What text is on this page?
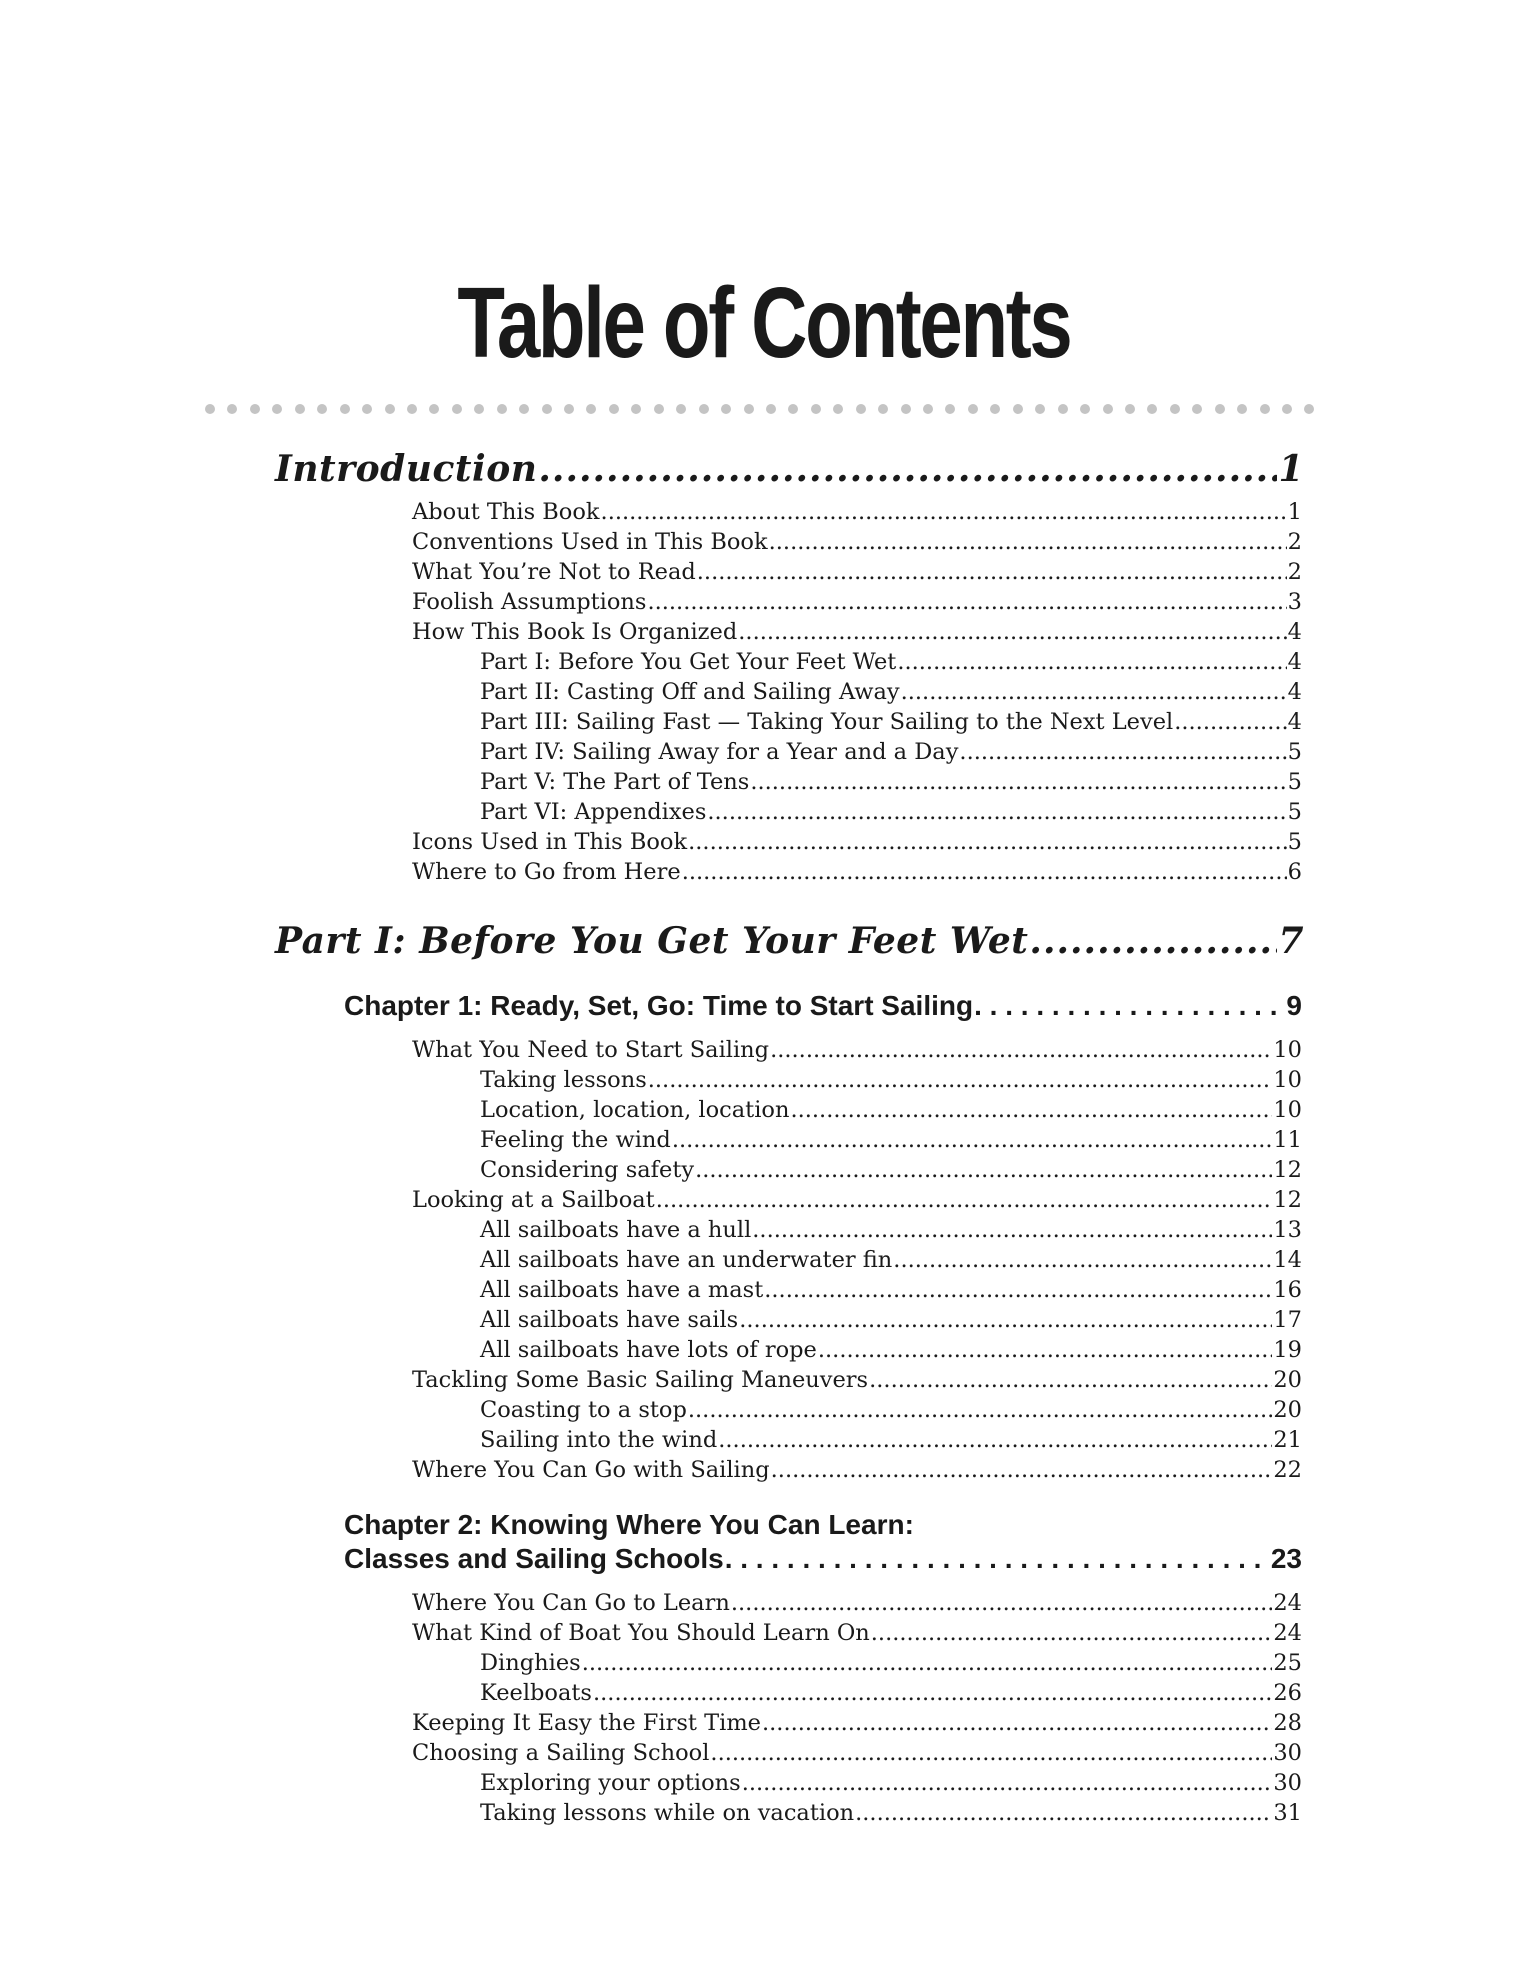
Table of Contents
Introduction .....	1
About This Book .....	1
Conventions Used in This Book .....	2
What You’re Not to Read .....	2
Foolish Assumptions .....	3
How This Book Is Organized .....	4
Part I: Before You Get Your Feet Wet .....	4
Part II: Casting Off and Sailing Away .....	4
Part III: Sailing Fast — Taking Your Sailing to the Next Level .....	4
Part IV: Sailing Away for a Year and a Day .....	5
Part V: The Part of Tens .....	5
Part VI: Appendixes .....	5
Icons Used in This Book .....	5
Where to Go from Here .....	6
Part I: Before You Get Your Feet Wet .....	7
Chapter 1: Ready, Set, Go: Time to Start Sailing . . .	9
What You Need to Start Sailing .....	10
Taking lessons .....	10
Location, location, location .....	10
Feeling the wind .....	11
Considering safety .....	12
Looking at a Sailboat .....	12
All sailboats have a hull .....	13
All sailboats have an underwater fin .....	14
All sailboats have a mast .....	16
All sailboats have sails .....	17
All sailboats have lots of rope .....	19
Tackling Some Basic Sailing Maneuvers .....	20
Coasting to a stop .....	20
Sailing into the wind .....	21
Where You Can Go with Sailing .....	22
Chapter 2: Knowing Where You Can Learn:
Classes and Sailing Schools . . .	23
Where You Can Go to Learn .....	24
What Kind of Boat You Should Learn On .....	24
Dinghies .....	25
Keelboats .....	26
Keeping It Easy the First Time .....	28
Choosing a Sailing School .....	30
Exploring your options .....	30
Taking lessons while on vacation .....	31
